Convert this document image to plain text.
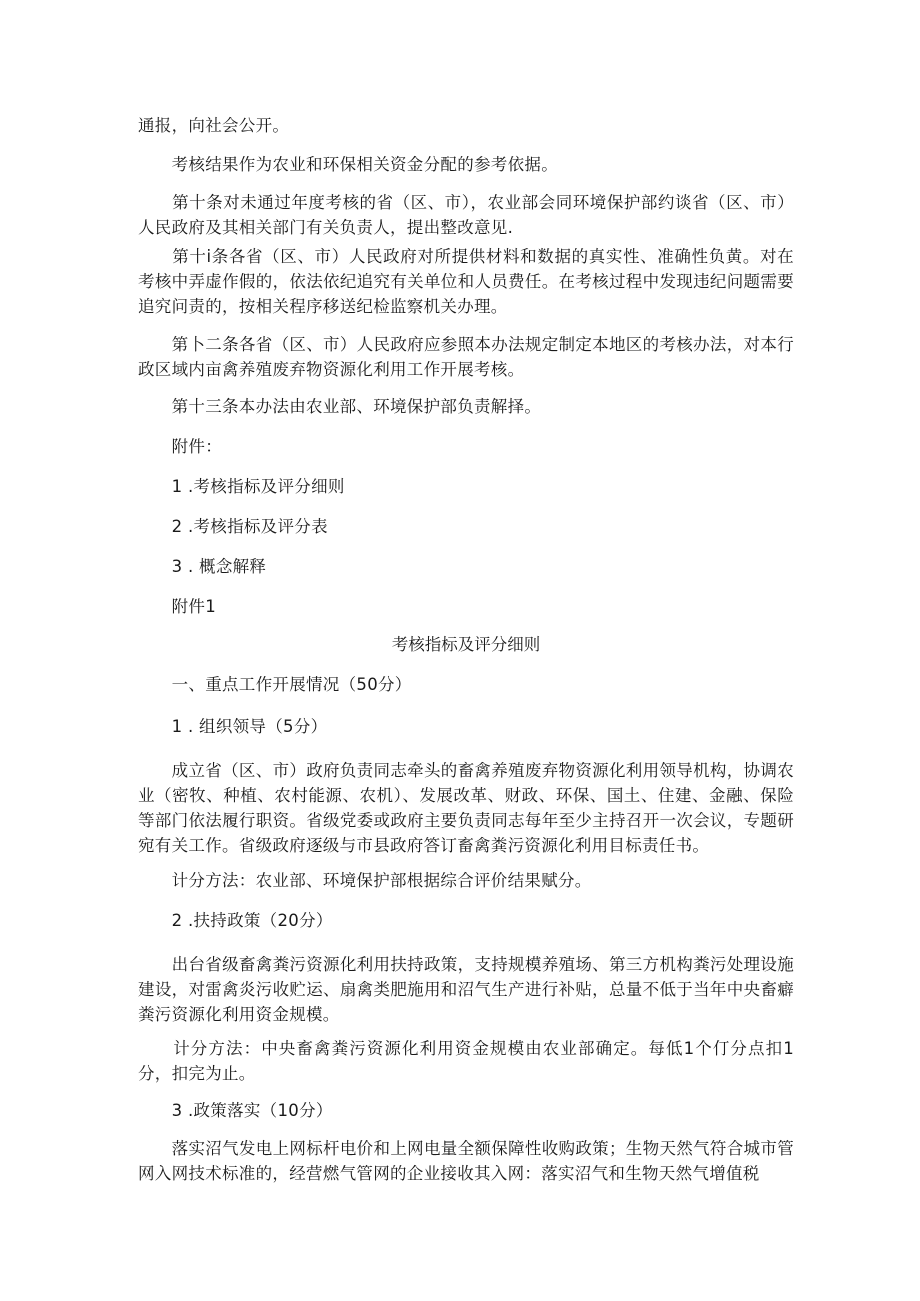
通报，向社会公开。
　　考核结果作为农业和环保相关资金分配的参考依据。
　　第十条对未通过年度考核的省（区、市），农业部会同环境保护部约谈省（区、市）人民政府及其相关部门有关负责人，提出整改意见.
　　第十i条各省（区、市）人民政府对所提供材料和数据的真实性、准确性负黄。对在考核中弄虚作假的，依法依纪追究有关单位和人员费任。在考核过程中发现违纪问题需要追究问责的，按相关程序移送纪检监察机关办理。
　　第卜二条各省（区、市）人民政府应参照本办法规定制定本地区的考核办法，对本行政区域内亩禽养殖废弃物资源化利用工作开展考核。
　　第十三条本办法由农业部、环境保护部负责解择。
　　附件：
　　1 .考核指标及评分细则
　　2 .考核指标及评分表
　　3 . 概念解释
　　附件1
考核指标及评分细则
　　一、重点工作开展情况（50分）
　　1 . 组织领导（5分）
　　成立省（区、市）政府负责同志牵头的畜禽养殖废弃物资源化利用领导机构，协调农业（密牧、种植、农村能源、农机）、发展改革、财政、环保、国土、住建、金融、保险等部门依法履行职资。省级党委或政府主要负责同志每年至少主持召开一次会议，专题研宛有关工作。省级政府逐级与市县政府答订畜禽粪污资源化利用目标责任书。
　　计分方法：农业部、环境保护部根据综合评价结果赋分。
　　2 .扶持政策（20分）
　　出台省级畜禽粪污资源化利用扶持政策，支持规模养殖场、第三方机构粪污处理设施建设，对雷禽炎污收贮运、扇禽类肥施用和沼气生产进行补贴，总量不低于当年中央畜癖粪污资源化利用资金规模。
　　计分方法：中央畜禽粪污资源化利用资金规模由农业部确定。每低1个仃分点扣1分，扣完为止。
　　3 .政策落实（10分）
　　落实沼气发电上网标杆电价和上网电量全额保障性收购政策；生物天然气符合城市管网入网技术标准的，经营燃气管网的企业接收其入网：落实沼气和生物天然气增值税
